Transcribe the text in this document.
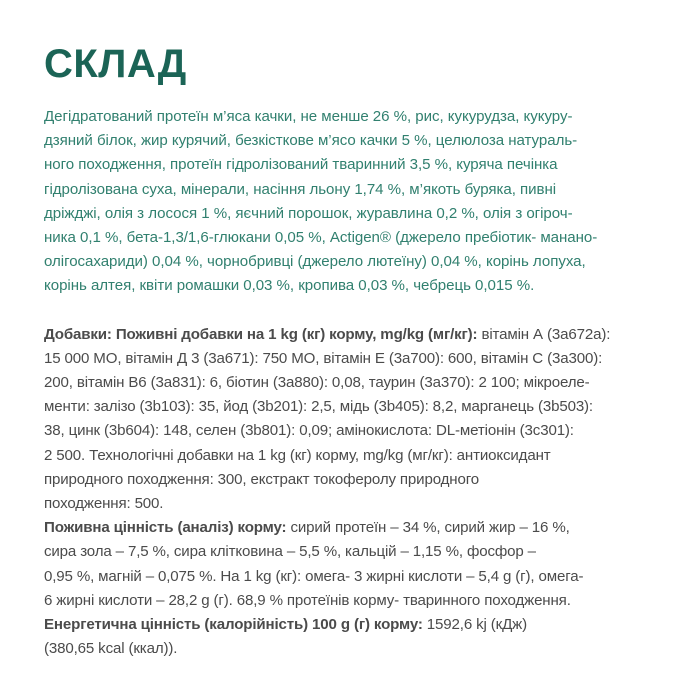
СКЛАД
Дегідратований протеїн м’яса качки, не менше 26 %, рис, кукурудза, кукуру-
дзяний білок, жир курячий, безкісткове м’ясо качки 5 %, целюлоза натураль-
ного походження, протеїн гідролізований тваринний 3,5 %, куряча печінка
гідролізована суха, мінерали, насіння льону 1,74 %, м’якоть буряка, пивні
дріжджі, олія з лосося 1 %, яєчний порошок, журавлина 0,2 %, олія з огіроч-
ника 0,1 %, бета-1,3/1,6-глюкани 0,05 %, Actigen® (джерело пребіотик- манано-
олігосахариди) 0,04 %, чорнобривці (джерело лютеїну) 0,04 %, корінь лопуха,
корінь алтея, квіти ромашки 0,03 %, кропива 0,03 %, чебрець 0,015 %.
Добавки: Поживні добавки на 1 kg (кг) корму, mg/kg (мг/кг): вітамін А (3a672a):
15 000 МО, вітамін Д 3 (3a671): 750 МО, вітамін Е (3a700): 600, вітамін С (3a300):
200, вітамін В6 (3a831): 6, біотин (3a880): 0,08, таурин (3a370): 2 100; мікроеле-
менти: залізо (3b103): 35, йод (3b201): 2,5, мідь (3b405): 8,2, марганець (3b503):
38, цинк (3b604): 148, селен (3b801): 0,09; амінокислота: DL-метіонін (3c301):
2 500. Технологічні добавки на 1 kg (кг) корму, mg/kg (мг/кг): антиоксидант
природного походження: 300, екстракт токоферолу природного
походження: 500.
Поживна цінність (аналіз) корму: сирий протеїн – 34 %, сирий жир – 16 %,
сира зола – 7,5 %, сира клітковина – 5,5 %, кальцій – 1,15 %, фосфор –
0,95 %, магній – 0,075 %. На 1 kg (кг): омега- 3 жирні кислоти – 5,4 g (г), омега-
6 жирні кислоти – 28,2 g (г). 68,9 % протеїнів корму- тваринного походження.
Енергетична цінність (калорійність) 100 g (г) корму: 1592,6 kj (кДж)
(380,65 kcal (ккал)).
